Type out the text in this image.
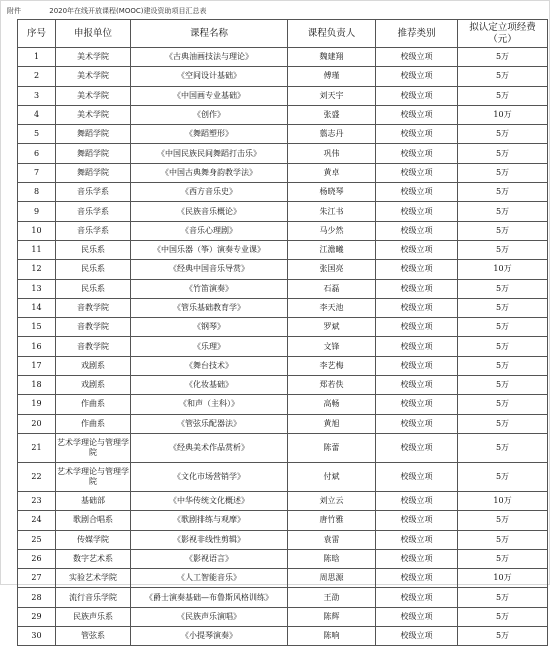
附件	2020年在线开放课程(MOOC)建设资助项目汇总表
序号	申报单位	课程名称	课程负责人	推荐类别	拟认定立项经费（元）
1	美术学院	《古典油画技法与理论》	魏建翔	校级立项	5万
2	美术学院	《空间设计基础》	傅瑾	校级立项	5万
3	美术学院	《中国画专业基础》	刘天宇	校级立项	5万
4	美术学院	《创作》	张盛	校级立项	10万
5	舞蹈学院	《舞蹈塑形》	翦志丹	校级立项	5万
6	舞蹈学院	《中国民族民间舞蹈打击乐》	巩伟	校级立项	5万
7	舞蹈学院	《中国古典舞身韵教学法》	黄卓	校级立项	5万
8	音乐学系	《西方音乐史》	杨晓琴	校级立项	5万
9	音乐学系	《民族音乐概论》	朱江书	校级立项	5万
10	音乐学系	《音乐心理剧》	马少然	校级立项	5万
11	民乐系	《中国乐器（筝）演奏专业课》	江澹曦	校级立项	5万
12	民乐系	《经典中国音乐导赏》	张国亮	校级立项	10万
13	民乐系	《竹笛演奏》	石磊	校级立项	5万
14	音教学院	《管乐基础教育学》	李天池	校级立项	5万
15	音教学院	《钢琴》	罗斌	校级立项	5万
16	音教学院	《乐理》	文锋	校级立项	5万
17	戏剧系	《舞台技术》	李艺梅	校级立项	5万
18	戏剧系	《化妆基础》	郑若佚	校级立项	5万
19	作曲系	《和声（主科）》	高畅	校级立项	5万
20	作曲系	《管弦乐配器法》	黄旭	校级立项	5万
21	艺术学理论与管理学院	《经典美术作品赏析》	陈蕾	校级立项	5万
22	艺术学理论与管理学院	《文化市场营销学》	付斌	校级立项	5万
23	基础部	《中华传统文化概述》	刘立云	校级立项	10万
24	歌剧合唱系	《歌剧排练与观摩》	唐竹雅	校级立项	5万
25	传媒学院	《影视非线性剪辑》	袁雷	校级立项	5万
26	数字艺术系	《影视语言》	陈晗	校级立项	5万
27	实验艺术学院	《人工智能音乐》	周思源	校级立项	10万
28	流行音乐学院	《爵士演奏基础—布鲁斯风格训练》	王劭	校级立项	5万
29	民族声乐系	《民族声乐演唱》	陈辉	校级立项	5万
30	管弦系	《小提琴演奏》	陈响	校级立项	5万
